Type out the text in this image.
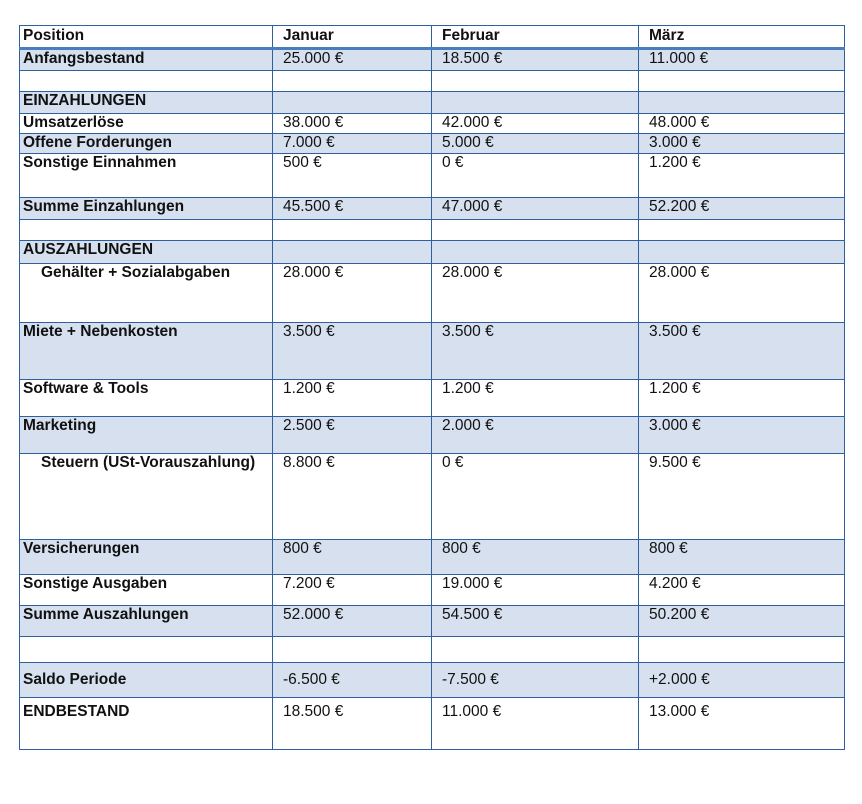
Position	Januar	Februar	März
Anfangsbestand	25.000 €	18.500 €	11.000 €

EINZAHLUNGEN			
Umsatzerlöse	38.000 €	42.000 €	48.000 €
Offene Forderungen	7.000 €	5.000 €	3.000 €
Sonstige Einnahmen	500 €	0 €	1.200 €
Summe Einzahlungen	45.500 €	47.000 €	52.200 €

AUSZAHLUNGEN			
Gehälter + Sozialabgaben	28.000 €	28.000 €	28.000 €
Miete + Nebenkosten	3.500 €	3.500 €	3.500 €
Software & Tools	1.200 €	1.200 €	1.200 €
Marketing	2.500 €	2.000 €	3.000 €
Steuern (USt-Vorauszahlung)	8.800 €	0 €	9.500 €
Versicherungen	800 €	800 €	800 €
Sonstige Ausgaben	7.200 €	19.000 €	4.200 €
Summe Auszahlungen	52.000 €	54.500 €	50.200 €

Saldo Periode	-6.500 €	-7.500 €	+2.000 €
ENDBESTAND	18.500 €	11.000 €	13.000 €
